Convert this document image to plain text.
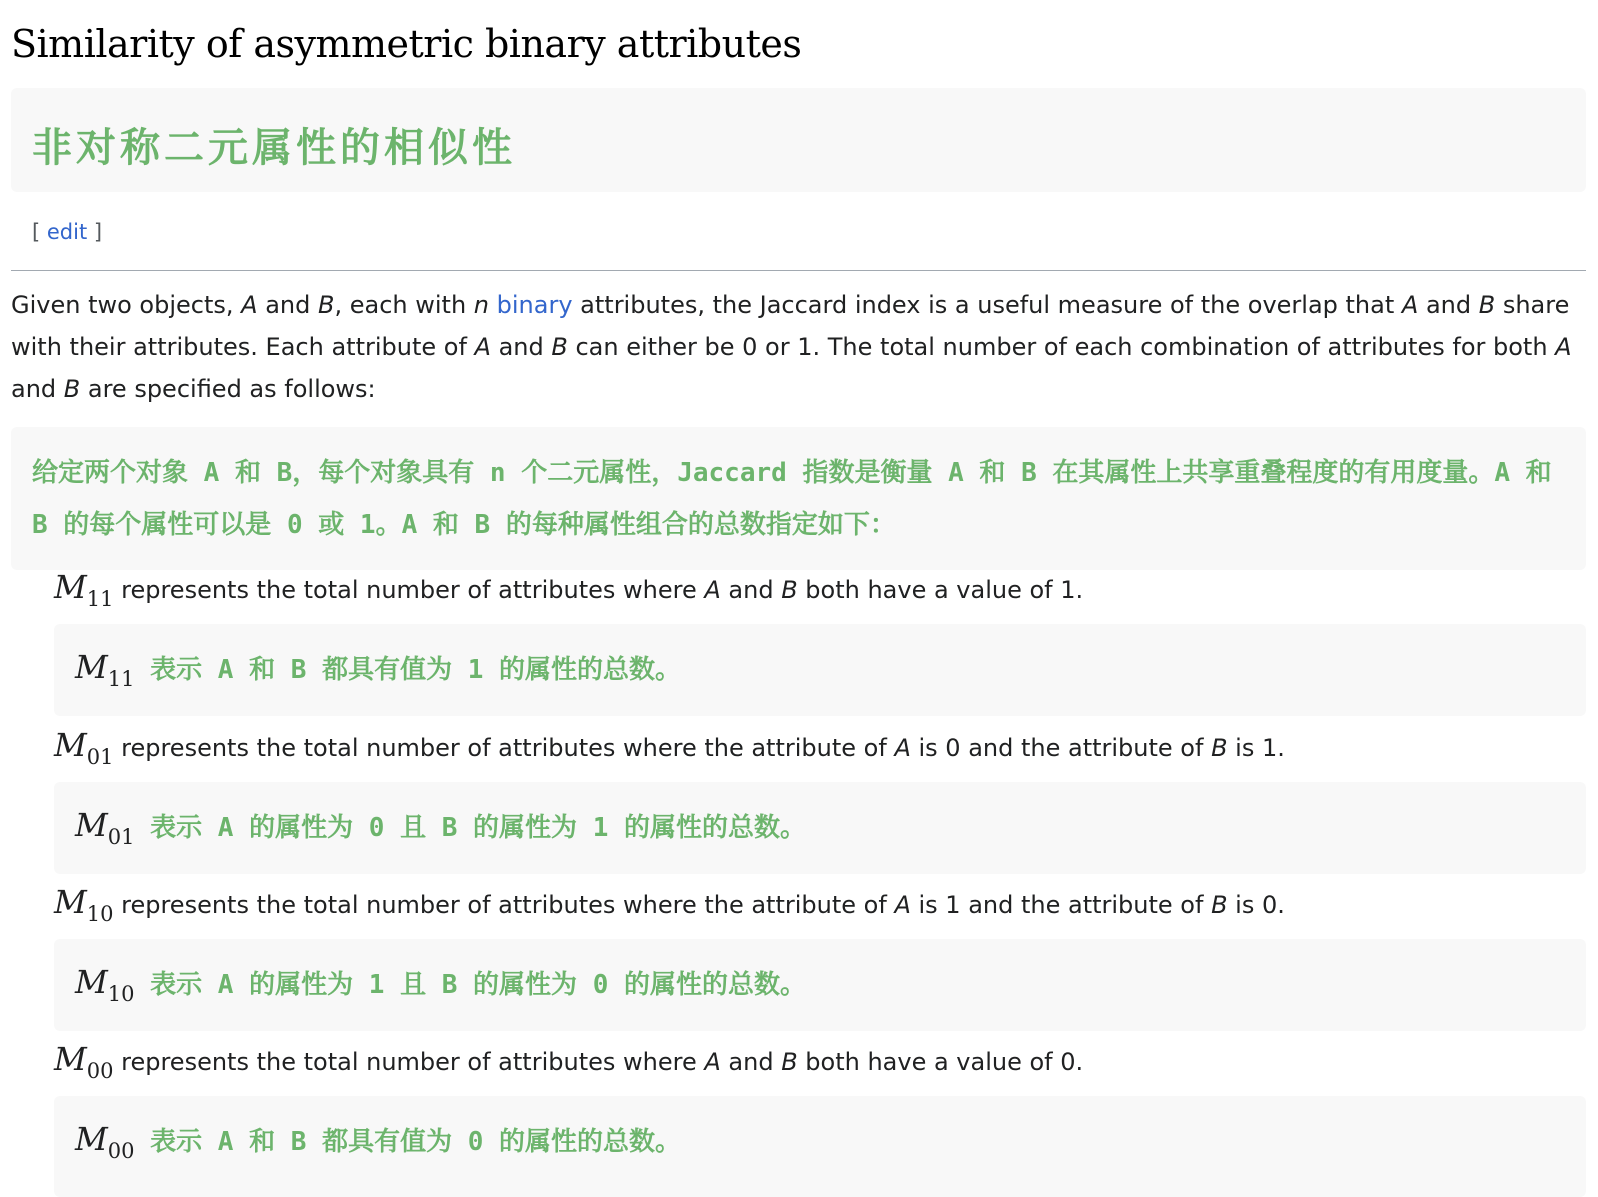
Similarity of asymmetric binary attributes
非对称二元属性的相似性
[ edit ]
Given two objects, A and B, each with n binary attributes, the Jaccard index is a useful measure of the overlap that A and B share with their attributes. Each attribute of A and B can either be 0 or 1. The total number of each combination of attributes for both A and B are specified as follows:
给定两个对象 A 和 B，每个对象具有 n 个二元属性，Jaccard 指数是衡量 A 和 B 在其属性上共享重叠程度的有用度量。A 和 B 的每个属性可以是 0 或 1。A 和 B 的每种属性组合的总数指定如下：
$M_{11}$ represents the total number of attributes where A and B both have a value of 1.
$M_{11}$ 表示 A 和 B 都具有值为 1 的属性的总数。
$M_{01}$ represents the total number of attributes where the attribute of A is 0 and the attribute of B is 1.
$M_{01}$ 表示 A 的属性为 0 且 B 的属性为 1 的属性的总数。
$M_{10}$ represents the total number of attributes where the attribute of A is 1 and the attribute of B is 0.
$M_{10}$ 表示 A 的属性为 1 且 B 的属性为 0 的属性的总数。
$M_{00}$ represents the total number of attributes where A and B both have a value of 0.
$M_{00}$ 表示 A 和 B 都具有值为 0 的属性的总数。
